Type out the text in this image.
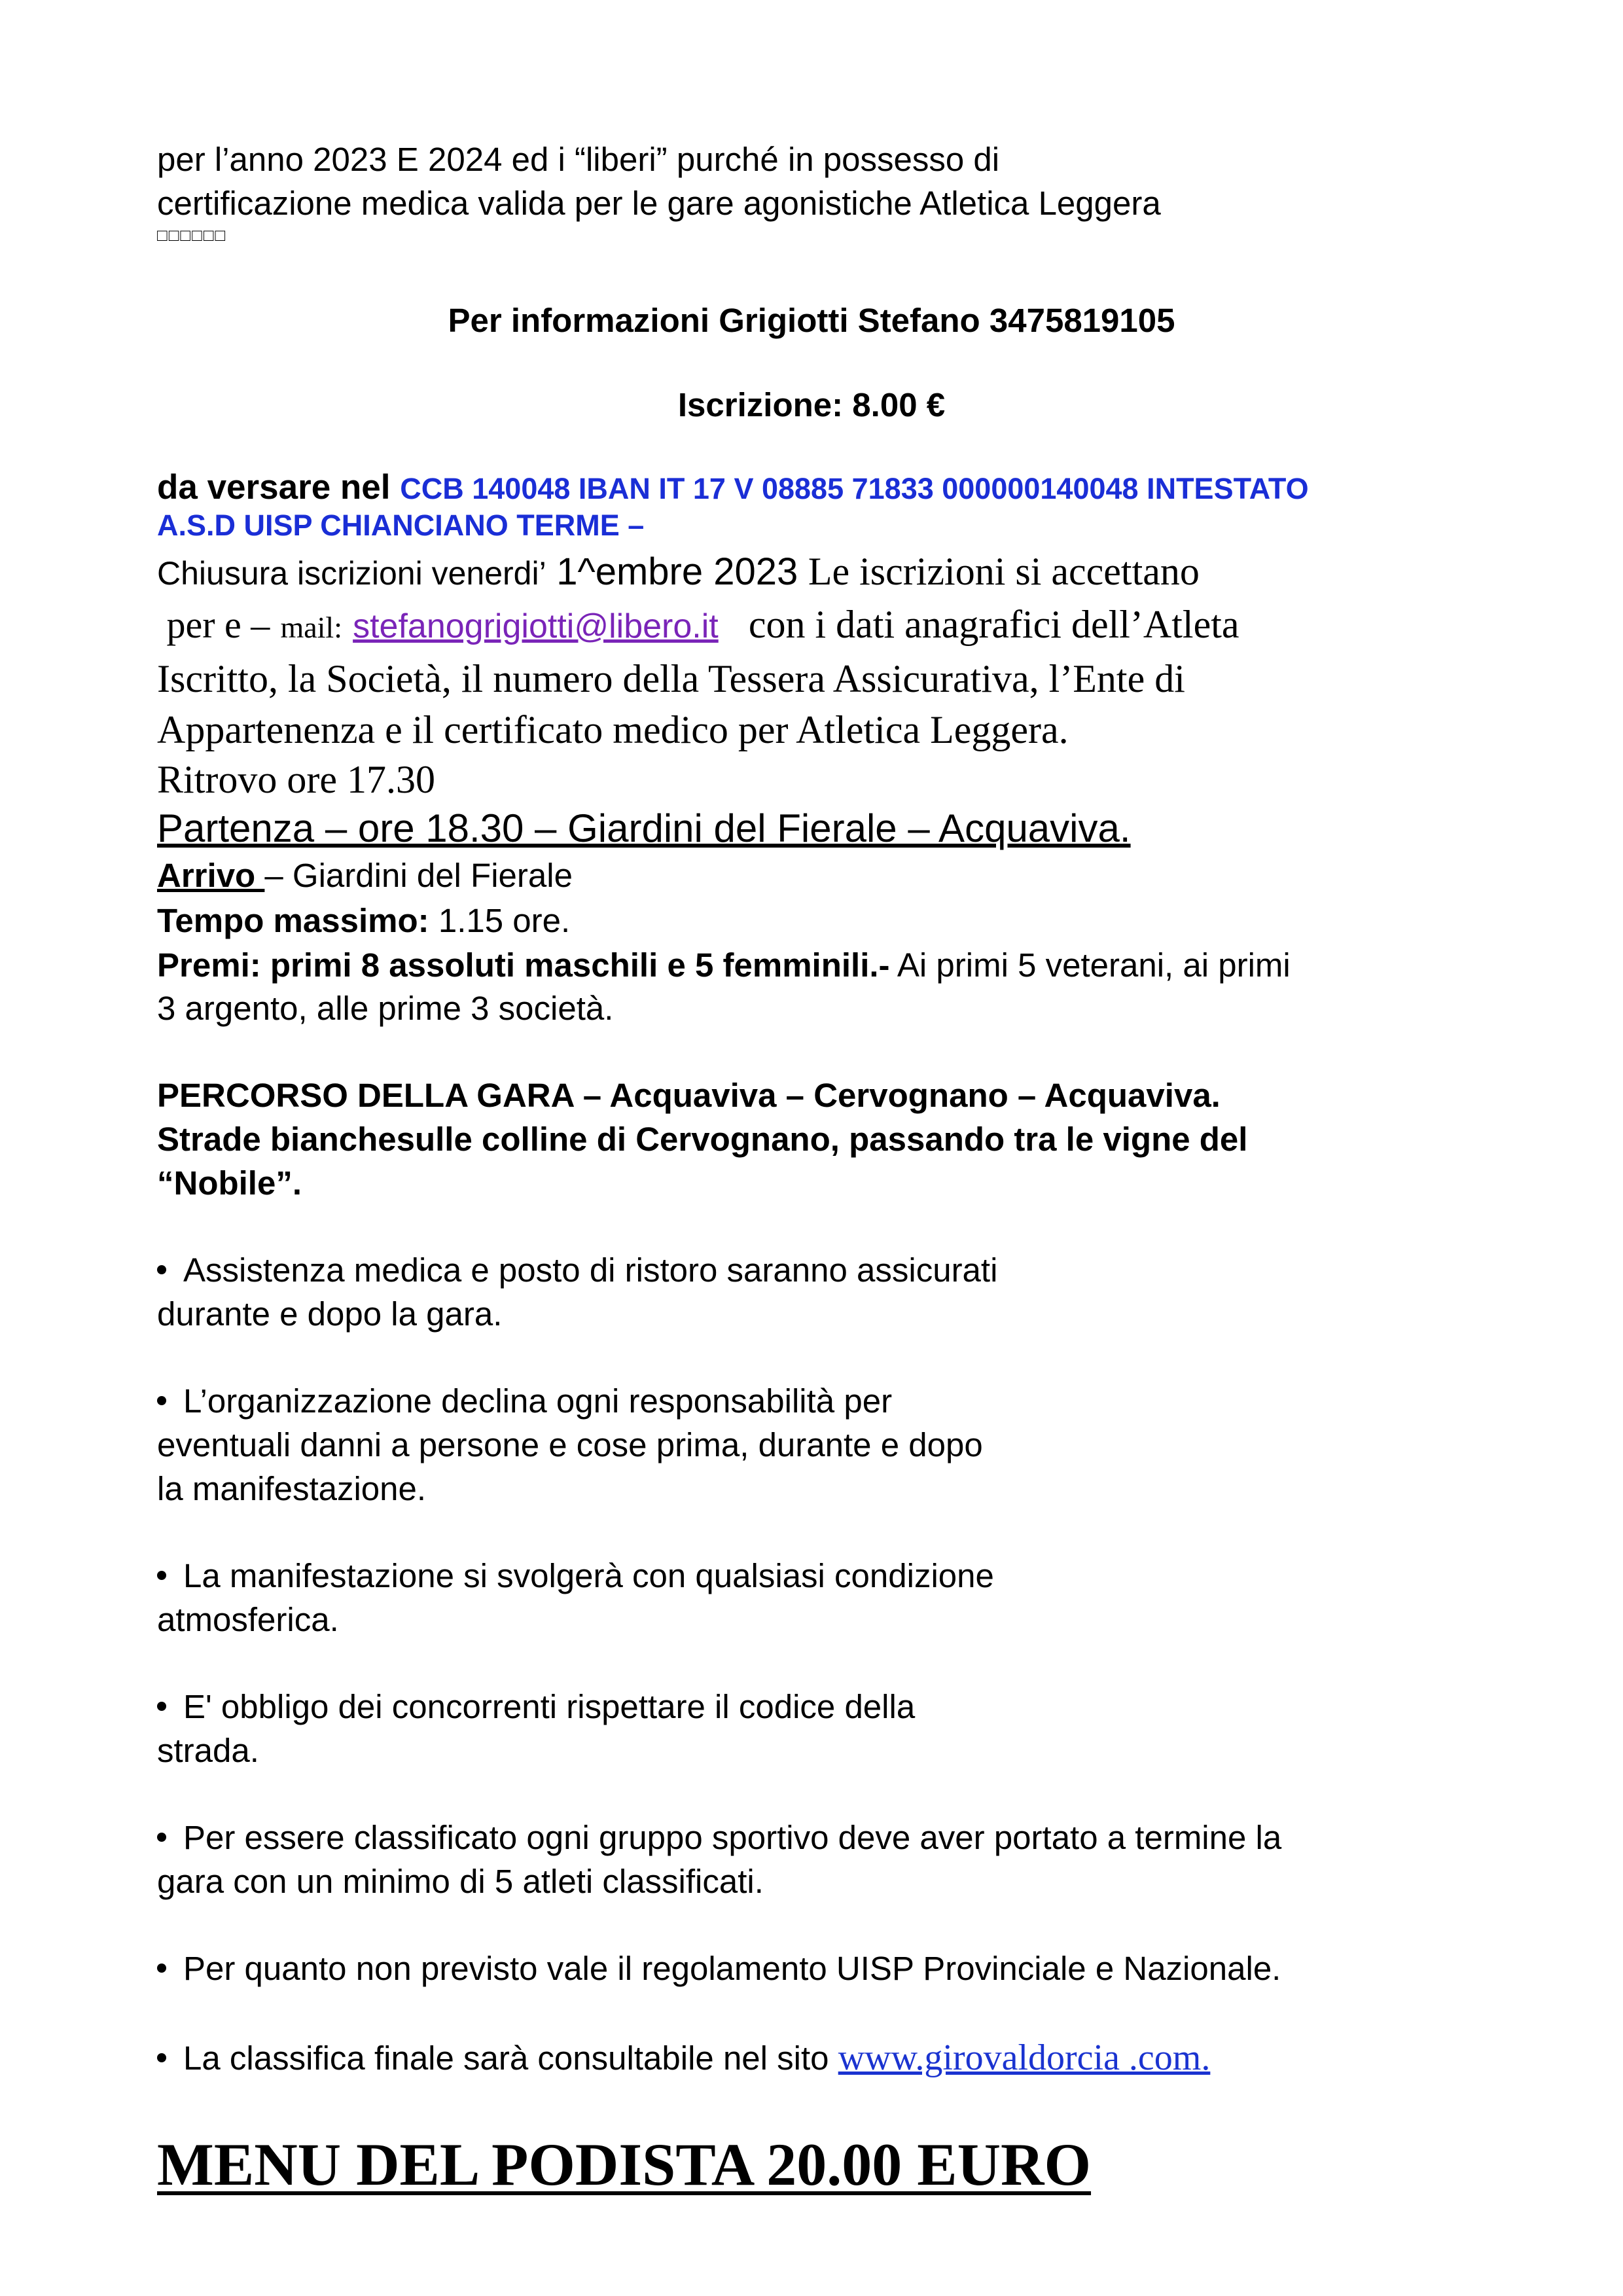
per l’anno 2023 E 2024 ed i “liberi” purché in possesso di
certificazione medica valida per le gare agonistiche Atletica Leggera
□□□□□□
Per informazioni Grigiotti Stefano 3475819105
Iscrizione: 8.00 €
da versare nel CCB 140048 IBAN IT 17 V 08885 71833 000000140048 INTESTATO
A.S.D UISP CHIANCIANO TERME –
Chiusura iscrizioni venerdi’ 1^embre 2023 Le iscrizioni si accettano
per e – mail: stefanogrigiotti@libero.it con i dati anagrafici dell’Atleta
Iscritto, la Società, il numero della Tessera Assicurativa, l’Ente di
Appartenenza e il certificato medico per Atletica Leggera.
Ritrovo ore 17.30
Partenza – ore 18.30 – Giardini del Fierale – Acquaviva.
Arrivo – Giardini del Fierale
Tempo massimo: 1.15 ore.
Premi: primi 8 assoluti maschili e 5 femminili.- Ai primi 5 veterani, ai primi
3 argento, alle prime 3 società.
PERCORSO DELLA GARA – Acquaviva – Cervognano – Acquaviva.
Strade bianchesulle colline di Cervognano, passando tra le vigne del
“Nobile”.
Assistenza medica e posto di ristoro saranno assicurati
durante e dopo la gara.
L’organizzazione declina ogni responsabilità per
eventuali danni a persone e cose prima, durante e dopo
la manifestazione.
La manifestazione si svolgerà con qualsiasi condizione
atmosferica.
E' obbligo dei concorrenti rispettare il codice della
strada.
Per essere classificato ogni gruppo sportivo deve aver portato a termine la
gara con un minimo di 5 atleti classificati.
Per quanto non previsto vale il regolamento UISP Provinciale e Nazionale.
La classifica finale sarà consultabile nel sito www.girovaldorcia .com.
MENU DEL PODISTA 20.00 EURO
